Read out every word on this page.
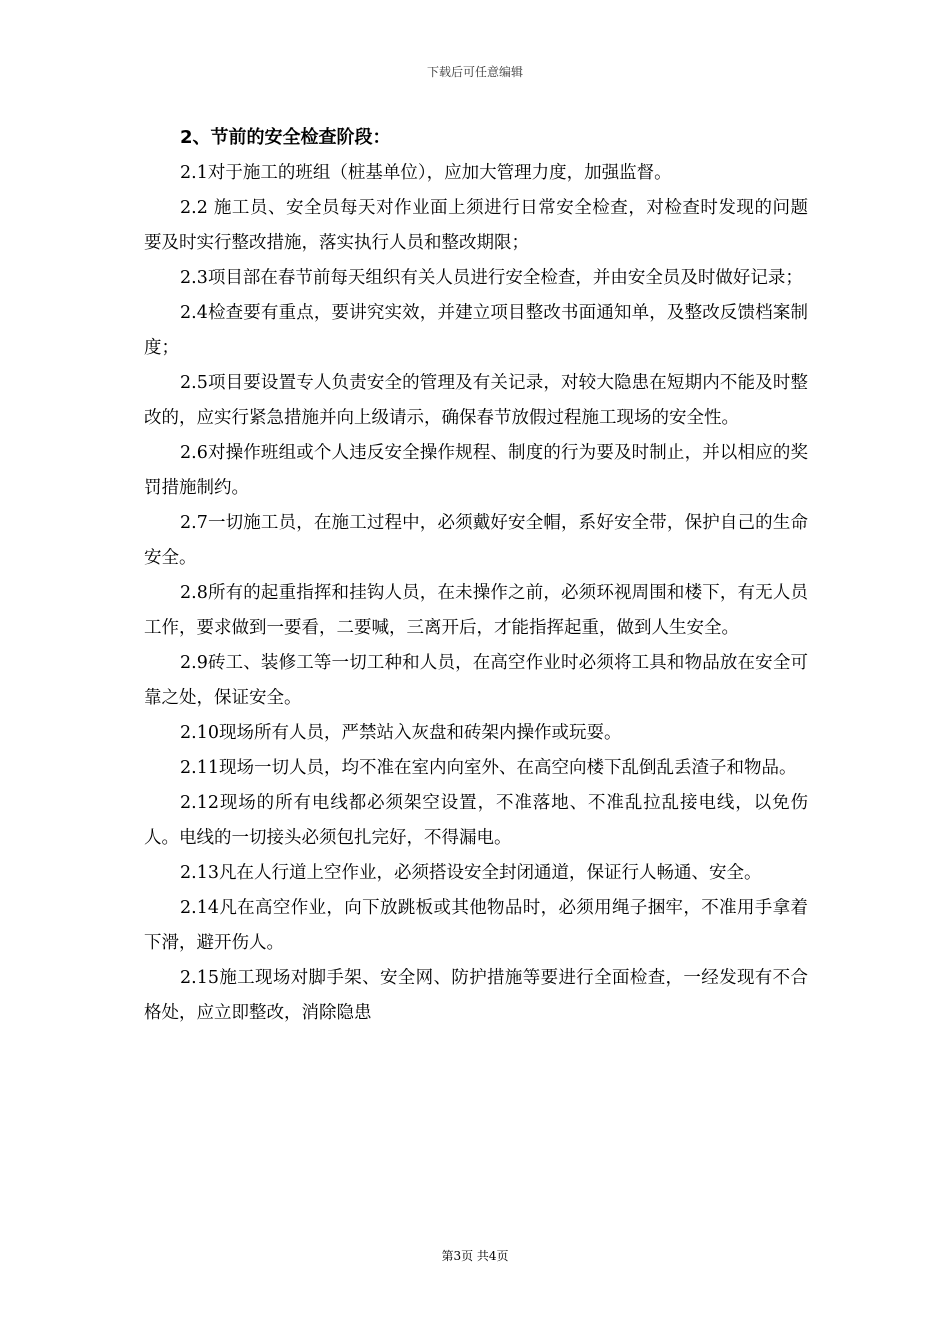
下载后可任意编辑
2、节前的安全检查阶段：

2.1对于施工的班组（桩基单位），应加大管理力度，加强监督。

2.2 施工员、安全员每天对作业面上须进行日常安全检查，对检查时发现的问题要及时实行整改措施，落实执行人员和整改期限；

2.3项目部在春节前每天组织有关人员进行安全检查，并由安全员及时做好记录；

2.4检查要有重点，要讲究实效，并建立项目整改书面通知单，及整改反馈档案制度；

2.5项目要设置专人负责安全的管理及有关记录，对较大隐患在短期内不能及时整改的，应实行紧急措施并向上级请示，确保春节放假过程施工现场的安全性。

2.6对操作班组或个人违反安全操作规程、制度的行为要及时制止，并以相应的奖罚措施制约。

2.7一切施工员，在施工过程中，必须戴好安全帽，系好安全带，保护自己的生命安全。

2.8所有的起重指挥和挂钩人员，在未操作之前，必须环视周围和楼下，有无人员工作，要求做到一要看，二要喊，三离开后，才能指挥起重，做到人生安全。

2.9砖工、装修工等一切工种和人员，在高空作业时必须将工具和物品放在安全可靠之处，保证安全。

2.10现场所有人员，严禁站入灰盘和砖架内操作或玩耍。

2.11现场一切人员，均不准在室内向室外、在高空向楼下乱倒乱丢渣子和物品。

2.12现场的所有电线都必须架空设置，不准落地、不准乱拉乱接电线，以免伤人。电线的一切接头必须包扎完好，不得漏电。

2.13凡在人行道上空作业，必须搭设安全封闭通道，保证行人畅通、安全。

2.14凡在高空作业，向下放跳板或其他物品时，必须用绳子捆牢，不准用手拿着下滑，避开伤人。

2.15施工现场对脚手架、安全网、防护措施等要进行全面检查，一经发现有不合格处，应立即整改，消除隐患

第3页 共4页
